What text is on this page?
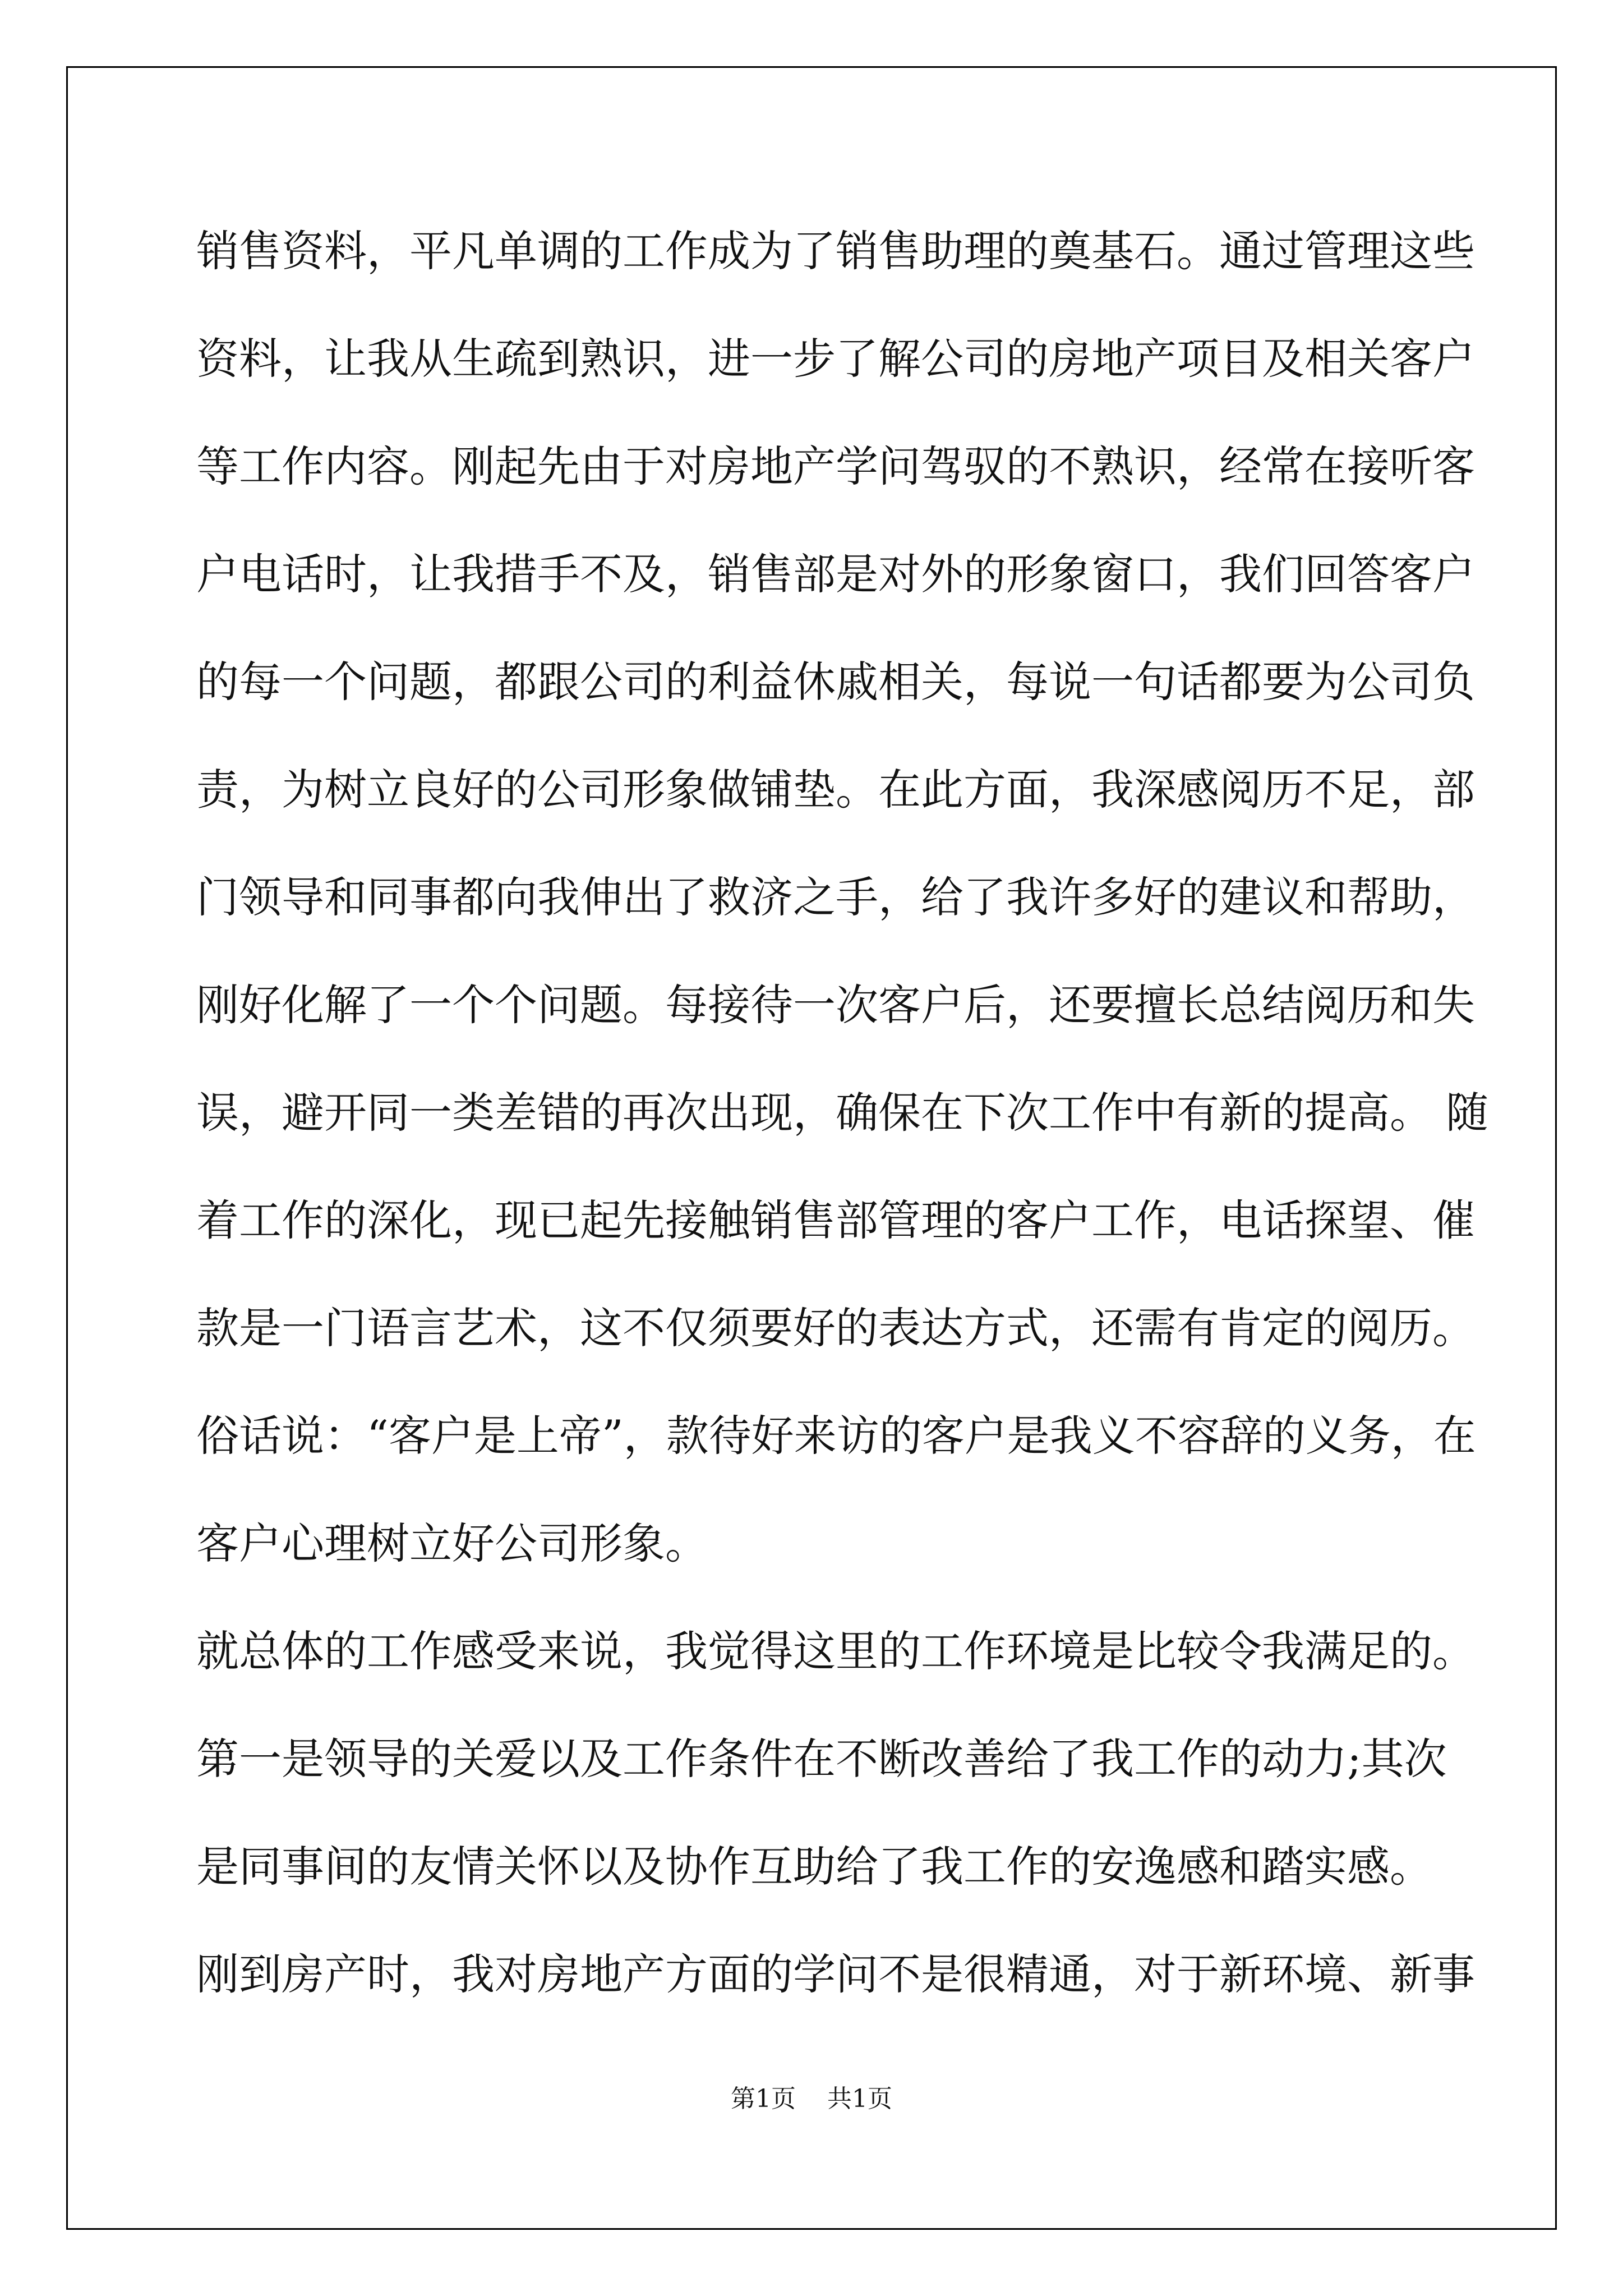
销售资料，平凡单调的工作成为了销售助理的奠基石。通过管理这些
资料，让我从生疏到熟识，进一步了解公司的房地产项目及相关客户
等工作内容。刚起先由于对房地产学问驾驭的不熟识，经常在接听客
户电话时，让我措手不及，销售部是对外的形象窗口，我们回答客户
的每一个问题，都跟公司的利益休戚相关，每说一句话都要为公司负
责，为树立良好的公司形象做铺垫。在此方面，我深感阅历不足，部
门领导和同事都向我伸出了救济之手，给了我许多好的建议和帮助，
刚好化解了一个个问题。每接待一次客户后，还要擅长总结阅历和失
误，避开同一类差错的再次出现，确保在下次工作中有新的提高。 随
着工作的深化，现已起先接触销售部管理的客户工作，电话探望、催
款是一门语言艺术，这不仅须要好的表达方式，还需有肯定的阅历。
俗话说：“客户是上帝”，款待好来访的客户是我义不容辞的义务，在
客户心理树立好公司形象。
就总体的工作感受来说，我觉得这里的工作环境是比较令我满足的。
第一是领导的关爱以及工作条件在不断改善给了我工作的动力;其次
是同事间的友情关怀以及协作互助给了我工作的安逸感和踏实感。
刚到房产时，我对房地产方面的学问不是很精通，对于新环境、新事
第1页    共1页
